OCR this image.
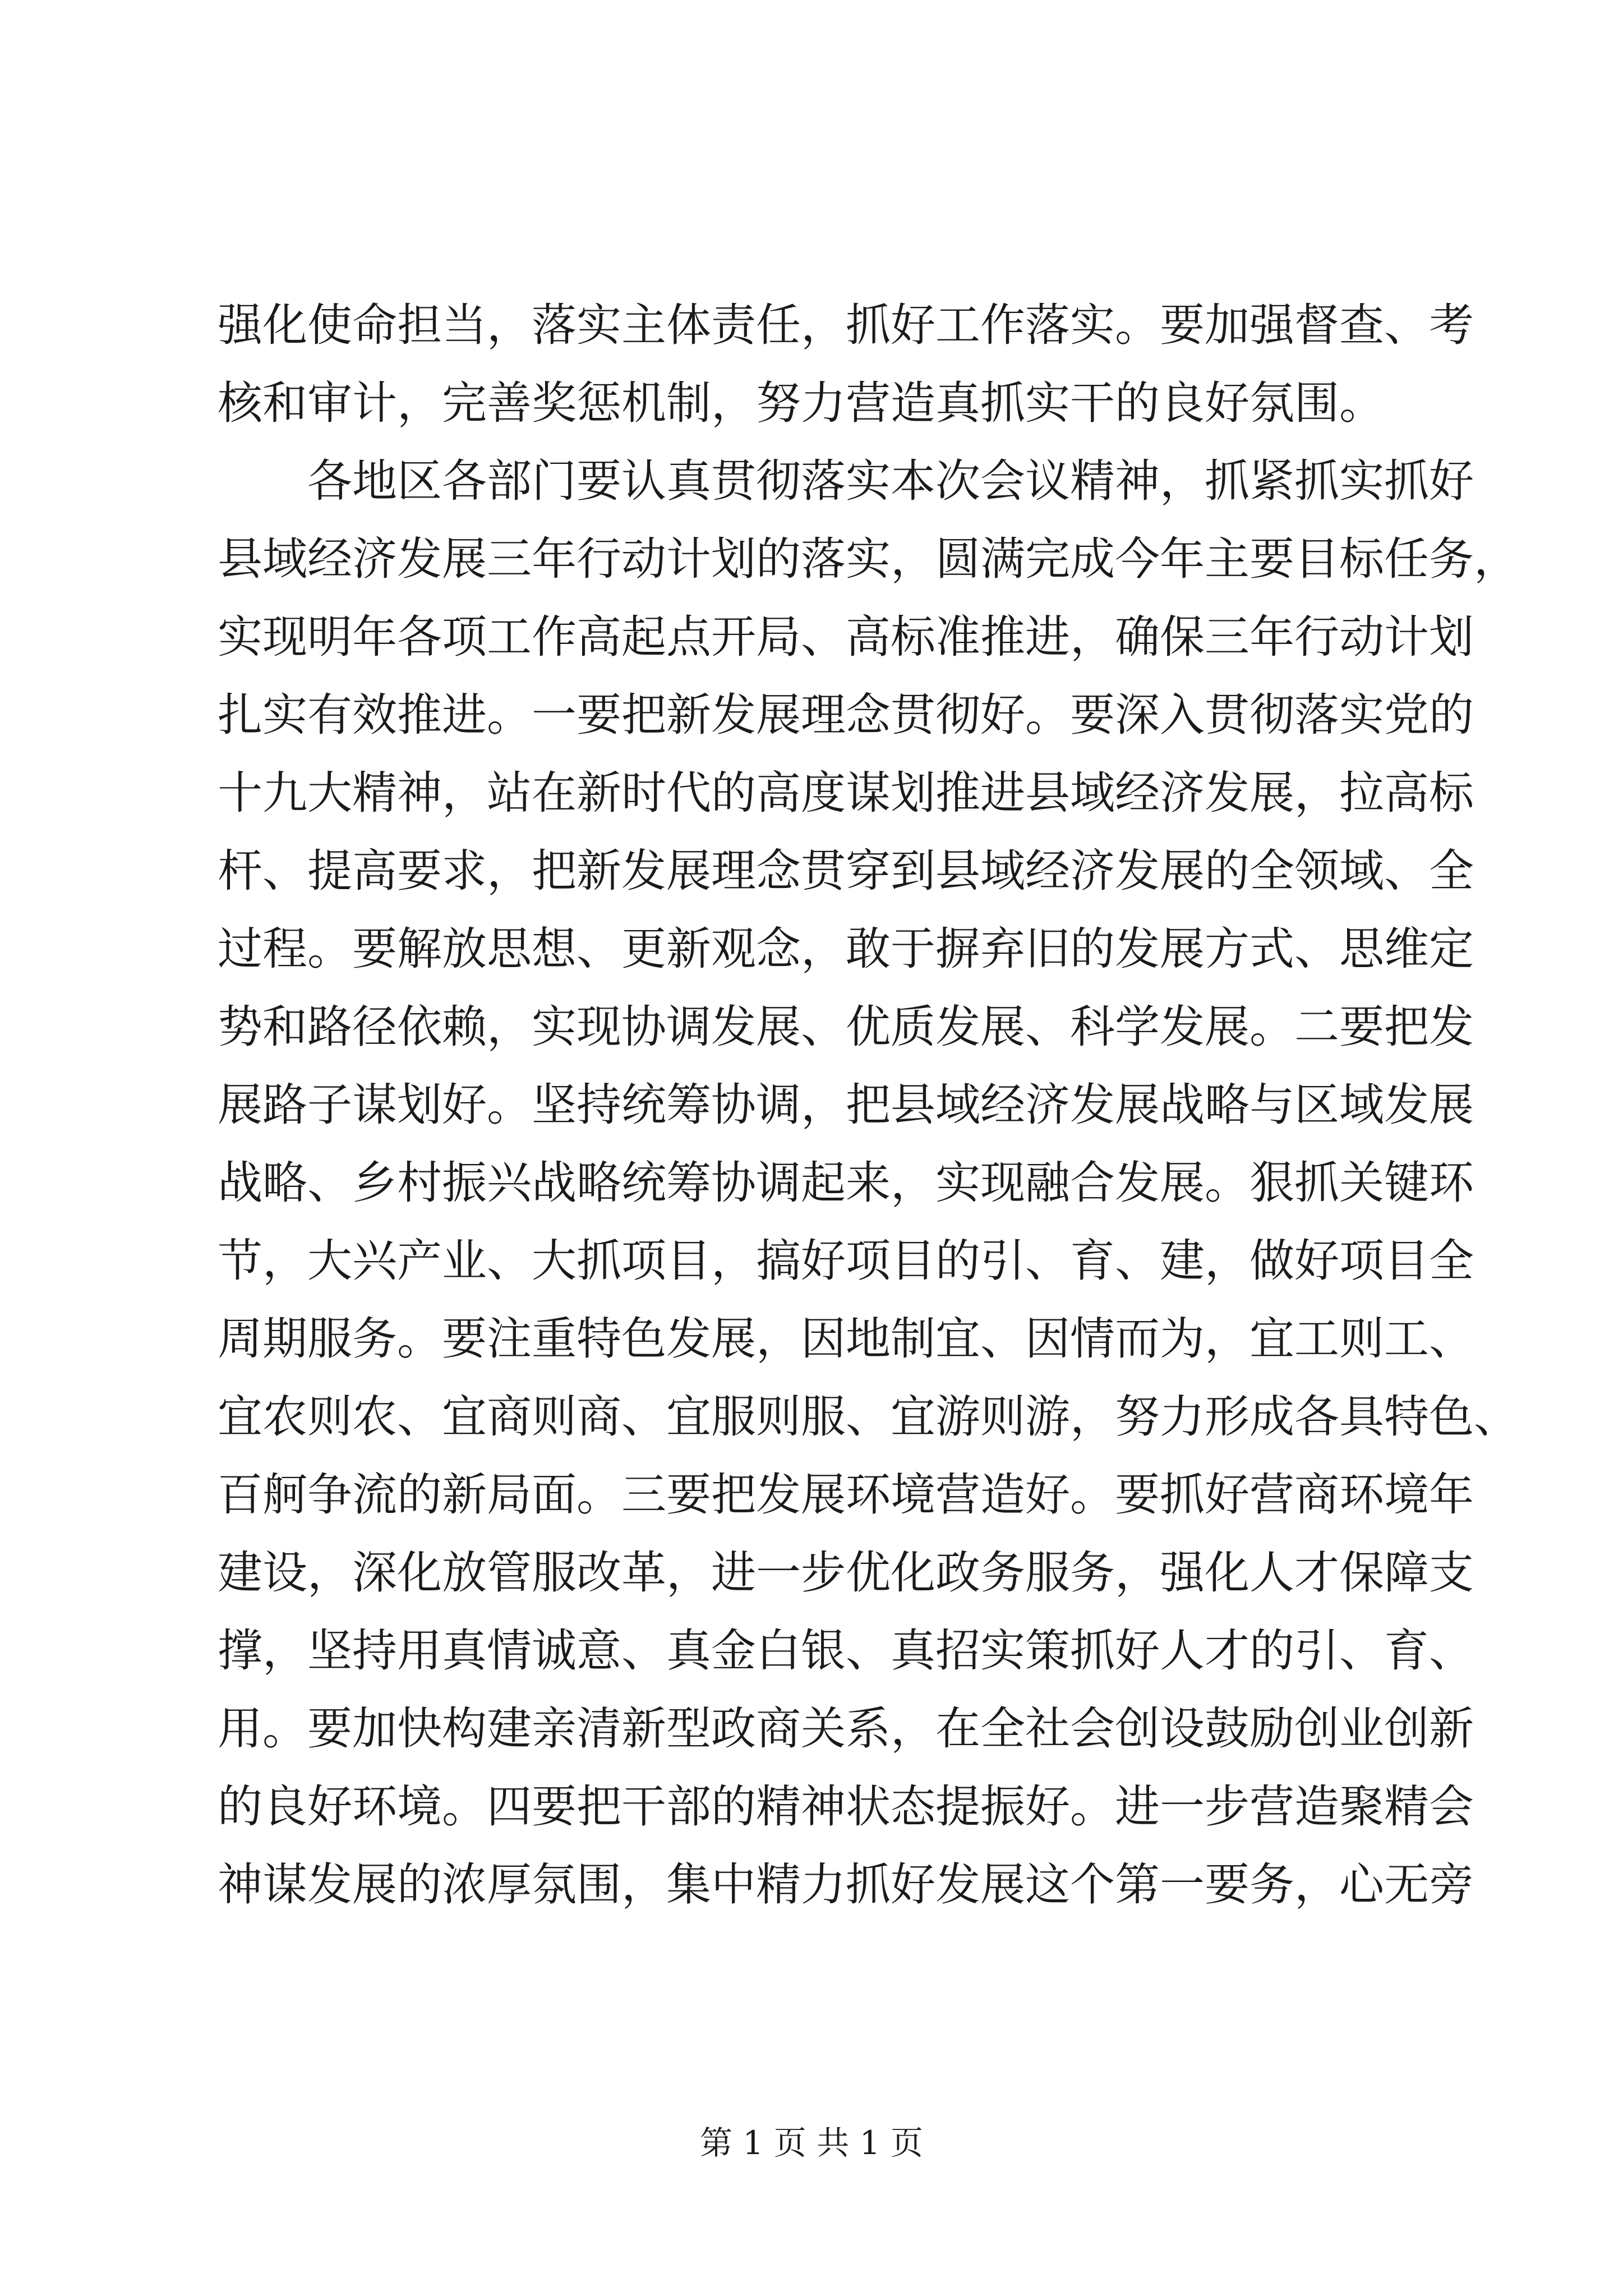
强化使命担当，落实主体责任，抓好工作落实。要加强督查、考
核和审计，完善奖惩机制，努力营造真抓实干的良好氛围。
各地区各部门要认真贯彻落实本次会议精神，抓紧抓实抓好
县域经济发展三年行动计划的落实，圆满完成今年主要目标任务，
实现明年各项工作高起点开局、高标准推进，确保三年行动计划
扎实有效推进。一要把新发展理念贯彻好。要深入贯彻落实党的
十九大精神，站在新时代的高度谋划推进县域经济发展，拉高标
杆、提高要求，把新发展理念贯穿到县域经济发展的全领域、全
过程。要解放思想、更新观念，敢于摒弃旧的发展方式、思维定
势和路径依赖，实现协调发展、优质发展、科学发展。二要把发
展路子谋划好。坚持统筹协调，把县域经济发展战略与区域发展
战略、乡村振兴战略统筹协调起来，实现融合发展。狠抓关键环
节，大兴产业、大抓项目，搞好项目的引、育、建，做好项目全
周期服务。要注重特色发展，因地制宜、因情而为，宜工则工、
宜农则农、宜商则商、宜服则服、宜游则游，努力形成各具特色、
百舸争流的新局面。三要把发展环境营造好。要抓好营商环境年
建设，深化放管服改革，进一步优化政务服务，强化人才保障支
撑，坚持用真情诚意、真金白银、真招实策抓好人才的引、育、
用。要加快构建亲清新型政商关系，在全社会创设鼓励创业创新
的良好环境。四要把干部的精神状态提振好。进一步营造聚精会
神谋发展的浓厚氛围，集中精力抓好发展这个第一要务，心无旁
第 1 页 共 1 页
